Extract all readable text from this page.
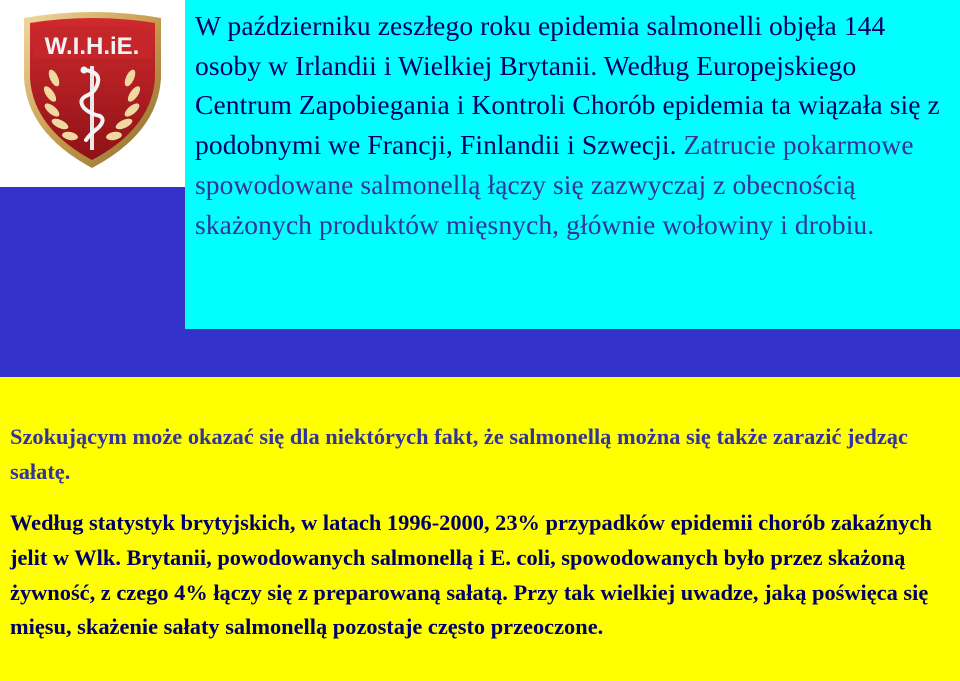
W.I.H.iE.

W październiku zeszłego roku epidemia salmonelli objęła 144 osoby w Irlandii i Wielkiej Brytanii. Według Europejskiego Centrum Zapobiegania i Kontroli Chorób epidemia ta wiązała się z podobnymi we Francji, Finlandii i Szwecji. Zatrucie pokarmowe spowodowane salmonellą łączy się zazwyczaj z obecnością skażonych produktów mięsnych, głównie wołowiny i drobiu.

Szokującym może okazać się dla niektórych fakt, że salmonellą można się także zarazić jedząc sałatę.

Według statystyk brytyjskich, w latach 1996-2000, 23% przypadków epidemii chorób zakaźnych jelit w Wlk. Brytanii, powodowanych salmonellą i E. coli, spowodowanych było przez skażoną żywność, z czego 4% łączy się z preparowaną sałatą. Przy tak wielkiej uwadze, jaką poświęca się mięsu, skażenie sałaty salmonellą pozostaje często przeoczone.
